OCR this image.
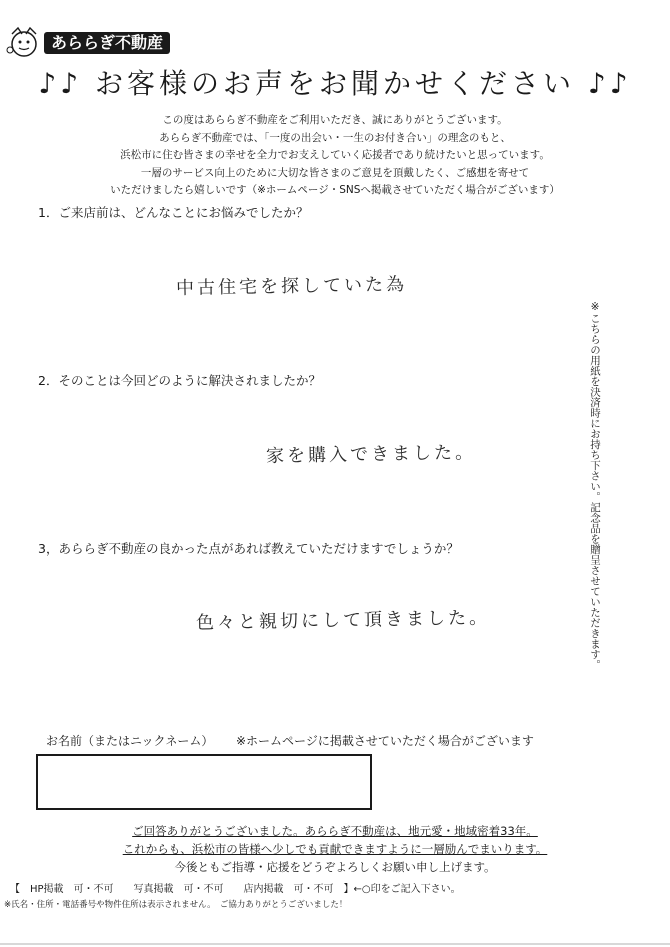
あららぎ不動産
♪♪ お客様のお声をお聞かせください ♪♪

この度はあららぎ不動産をご利用いただき、誠にありがとうございます。

あららぎ不動産では、「一度の出会い・一生のお付き合い」の理念のもと、

浜松市に住む皆さまの幸せを全力でお支えしていく応援者であり続けたいと思っています。

一層のサービス向上のために大切な皆さまのご意見を頂戴したく、ご感想を寄せて

いただけましたら嬉しいです（※ホームページ・SNSへ掲載させていただく場合がございます）

1．ご来店前は、どんなことにお悩みでしたか？
中古住宅を探していた為
2．そのことは今回どのように解決されましたか？
家を購入できました。
3，あららぎ不動産の良かった点があれば教えていただけますでしょうか？
色々と親切にして頂きました。	※こちらの用紙を決済時にお持ち下さい。記念品を贈呈させていただきます。
お名前（またはニックネーム） ※ホームページに掲載させていただく場合がございます

ご回答ありがとうございました。あららぎ不動産は、地元愛・地域密着33年。

これからも、浜松市の皆様へ少しでも貢献できますように一層励んでまいります。

今後ともご指導・応援をどうぞよろしくお願い申し上げます。

【　HP掲載　可・不可　　写真掲載　可・不可　　店内掲載　可・不可　】←○印をご記入下さい。
※氏名・住所・電話番号や物件住所は表示されません。　ご協力ありがとうございました！
